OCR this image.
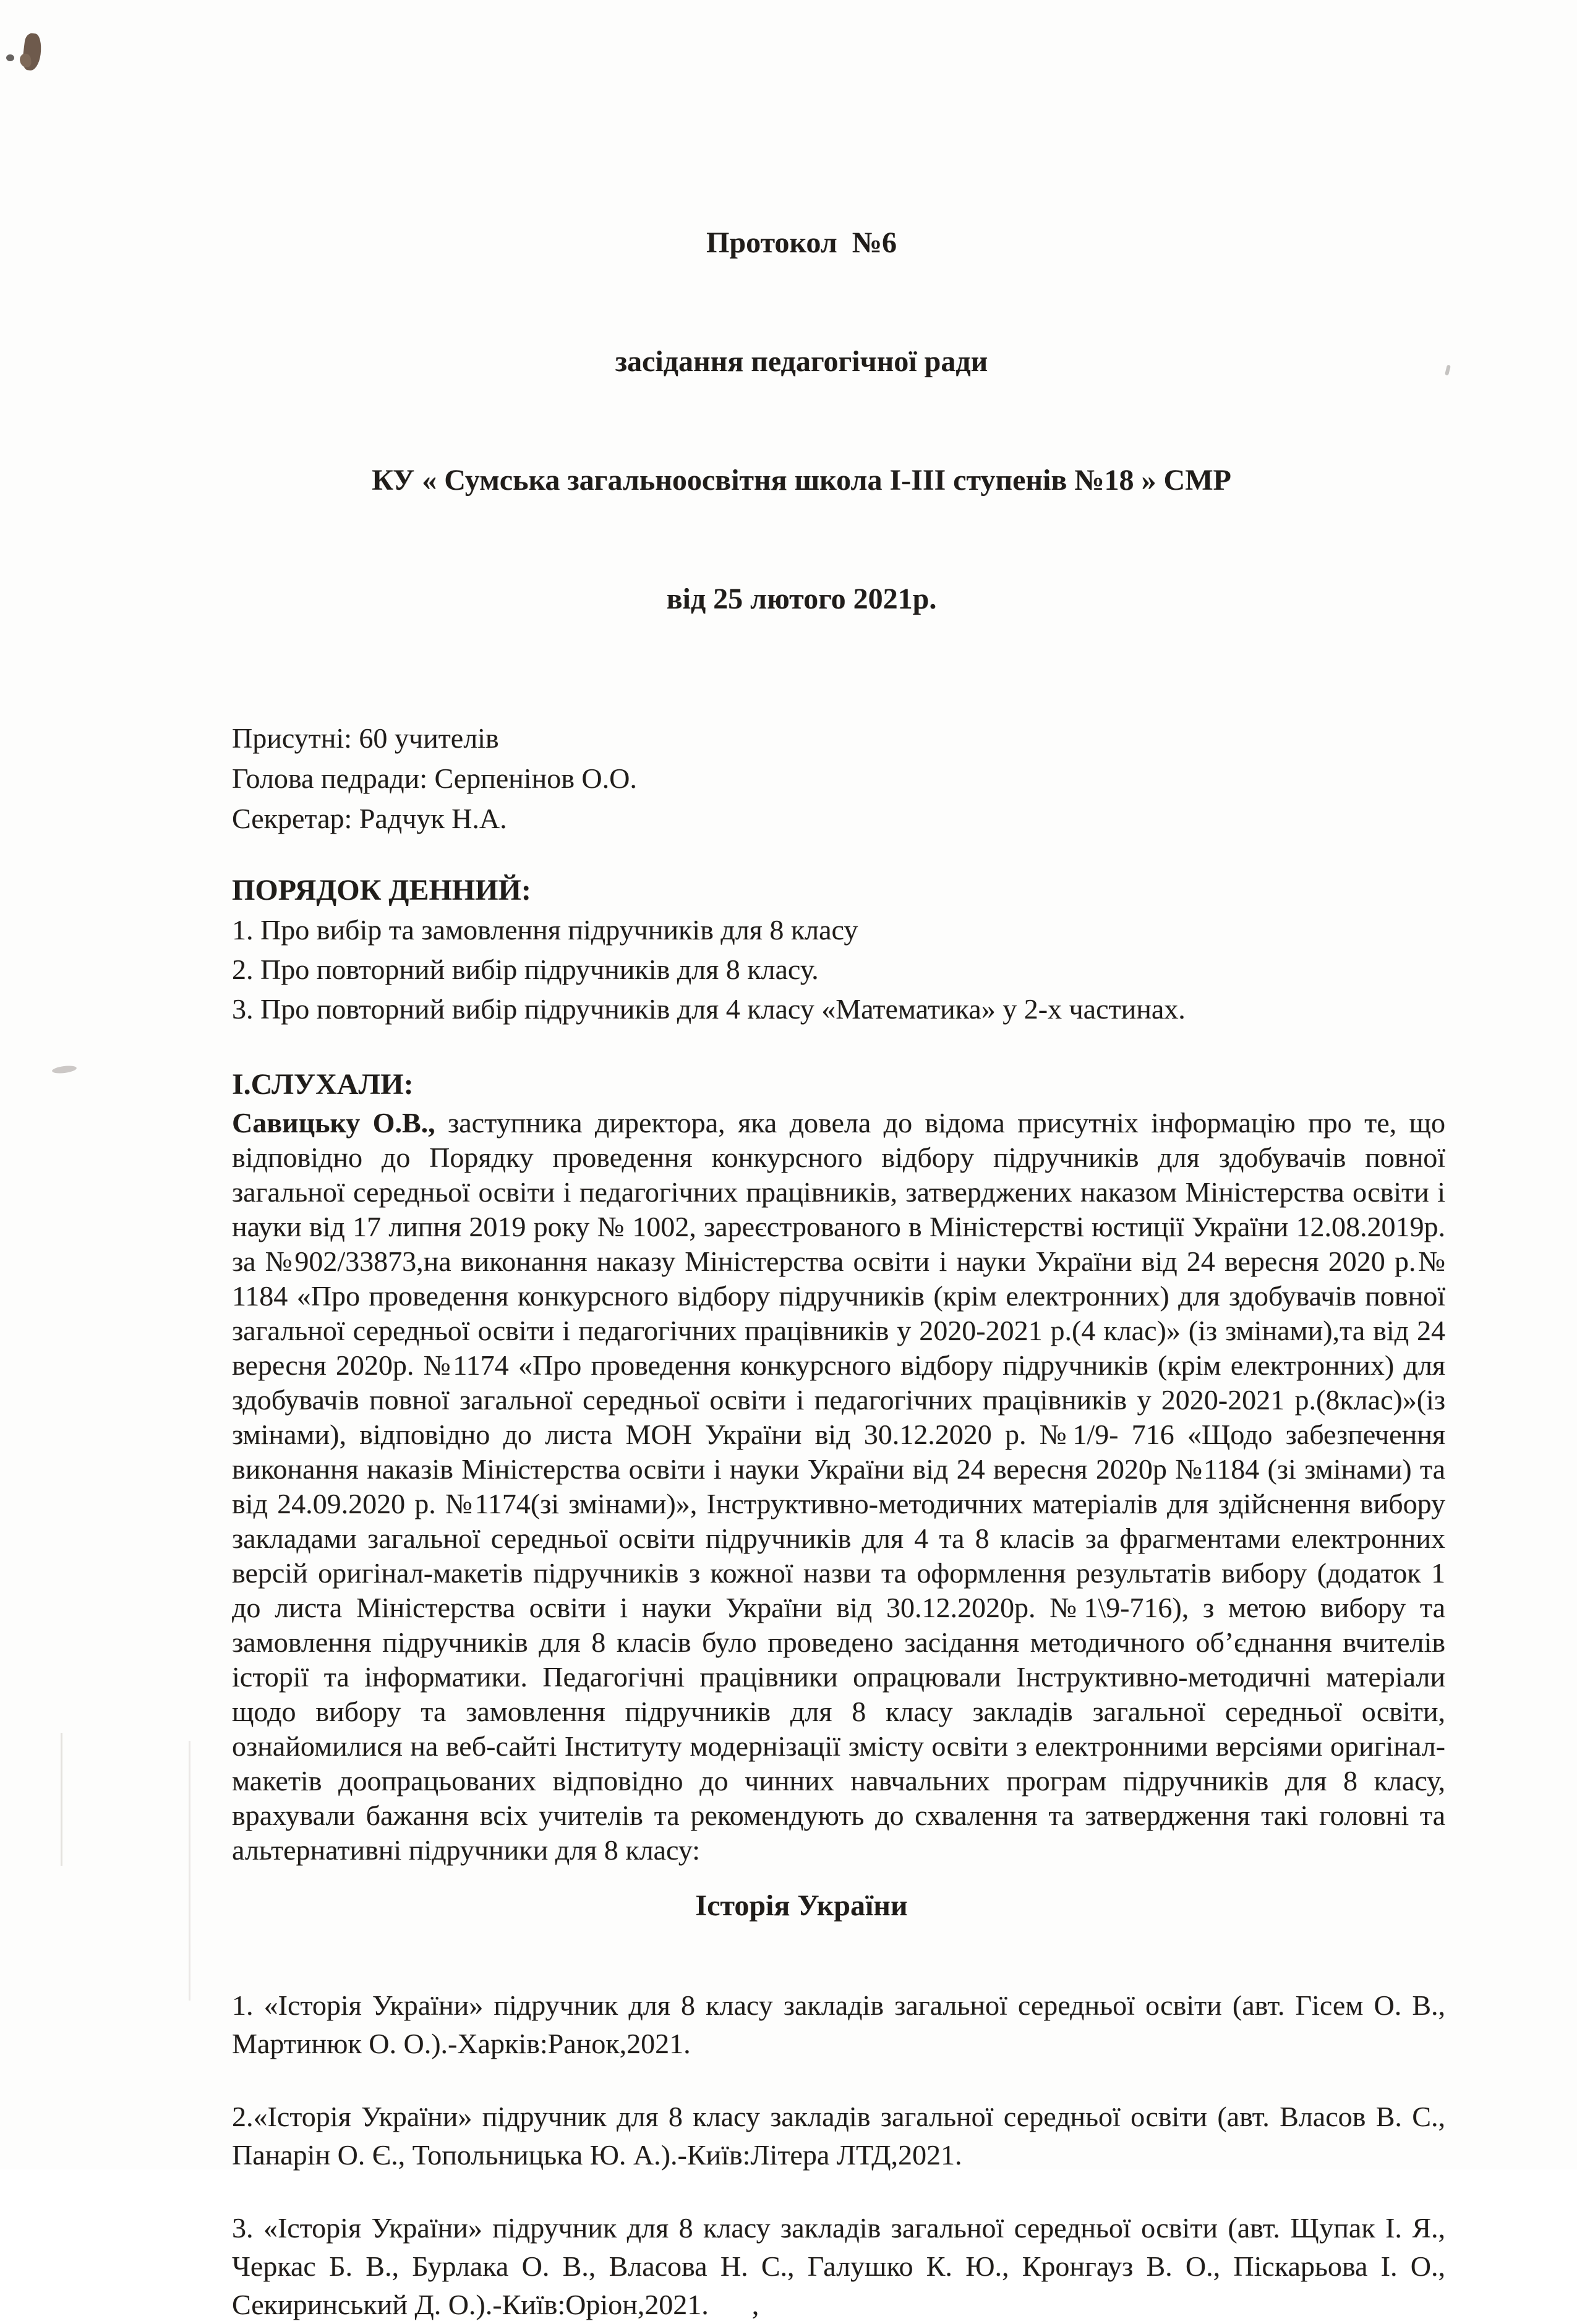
Протокол  №6

засідання педагогічної ради

КУ « Сумська загальноосвітня школа І-ІІІ ступенів №18 » СМР

від 25 лютого 2021р.

Присутні: 60 учителів
Голова педради: Серпенінов О.О.
Секретар: Радчук Н.А.
ПОРЯДОК ДЕННИЙ:
1. Про вибір та замовлення підручників для 8 класу
2. Про повторний вибір підручників для 8 класу.
3. Про повторний вибір підручників для 4 класу «Математика» у 2-х частинах.
І.СЛУХАЛИ:

Савицьку О.В., заступника директора, яка довела до відома присутніх інформацію про те, що відповідно до Порядку проведення конкурсного відбору підручників для здобувачів повної загальної середньої освіти і педагогічних працівників, затверджених наказом Міністерства освіти і науки від 17 липня 2019 року № 1002, зареєстрованого в Міністерстві юстиції України 12.08.2019р. за №902/33873,на виконання наказу Міністерства освіти і науки України від 24 вересня 2020 р.№ 1184 «Про проведення конкурсного відбору підручників (крім електронних) для здобувачів повної загальної середньої освіти і педагогічних працівників у 2020-2021 р.(4 клас)» (із змінами),та від 24 вересня 2020р. №1174 «Про проведення конкурсного відбору підручників (крім електронних) для здобувачів повної загальної середньої освіти і педагогічних працівників у 2020-2021 р.(8клас)»(із змінами), відповідно до листа МОН України від 30.12.2020 р. №1/9- 716 «Щодо забезпечення виконання наказів Міністерства освіти і науки України від 24 вересня 2020р №1184 (зі змінами) та від 24.09.2020 р. №1174(зі змінами)», Інструктивно-методичних матеріалів для здійснення вибору закладами загальної середньої освіти підручників для 4 та 8 класів за фрагментами електронних версій оригінал-макетів підручників з кожної назви та оформлення результатів вибору (додаток 1 до листа Міністерства освіти і науки України від 30.12.2020р. №1\9-716), з метою вибору та замовлення підручників для 8 класів було проведено засідання методичного об’єднання вчителів історії та інформатики. Педагогічні працівники опрацювали Інструктивно-методичні матеріали щодо вибору та замовлення підручників для 8 класу закладів загальної середньої освіти, ознайомилися на веб-сайті Інституту модернізації змісту освіти з електронними версіями оригінал-макетів доопрацьованих відповідно до чинних навчальних програм підручників для 8 класу, врахували бажання всіх учителів та рекомендують до схвалення та затвердження такі головні та альтернативні підручники для 8 класу:

Історія України
1. «Історія України» підручник для 8 класу закладів загальної середньої освіти (авт. Гісем О. В., Мартинюк О. О.).-Харків:Ранок,2021.
2.«Історія України» підручник для 8 класу закладів загальної середньої освіти (авт. Власов В. С., Панарін О. Є., Топольницька Ю. А.).-Київ:Літера ЛТД,2021.
3. «Історія України» підручник для 8 класу закладів загальної середньої освіти (авт. Щупак І. Я., Черкас Б. В., Бурлака О. В., Власова Н. С., Галушко К. Ю., Кронгауз В. О., Піскарьова І. О., Секиринський Д. О.).-Київ:Оріон,2021. ,
